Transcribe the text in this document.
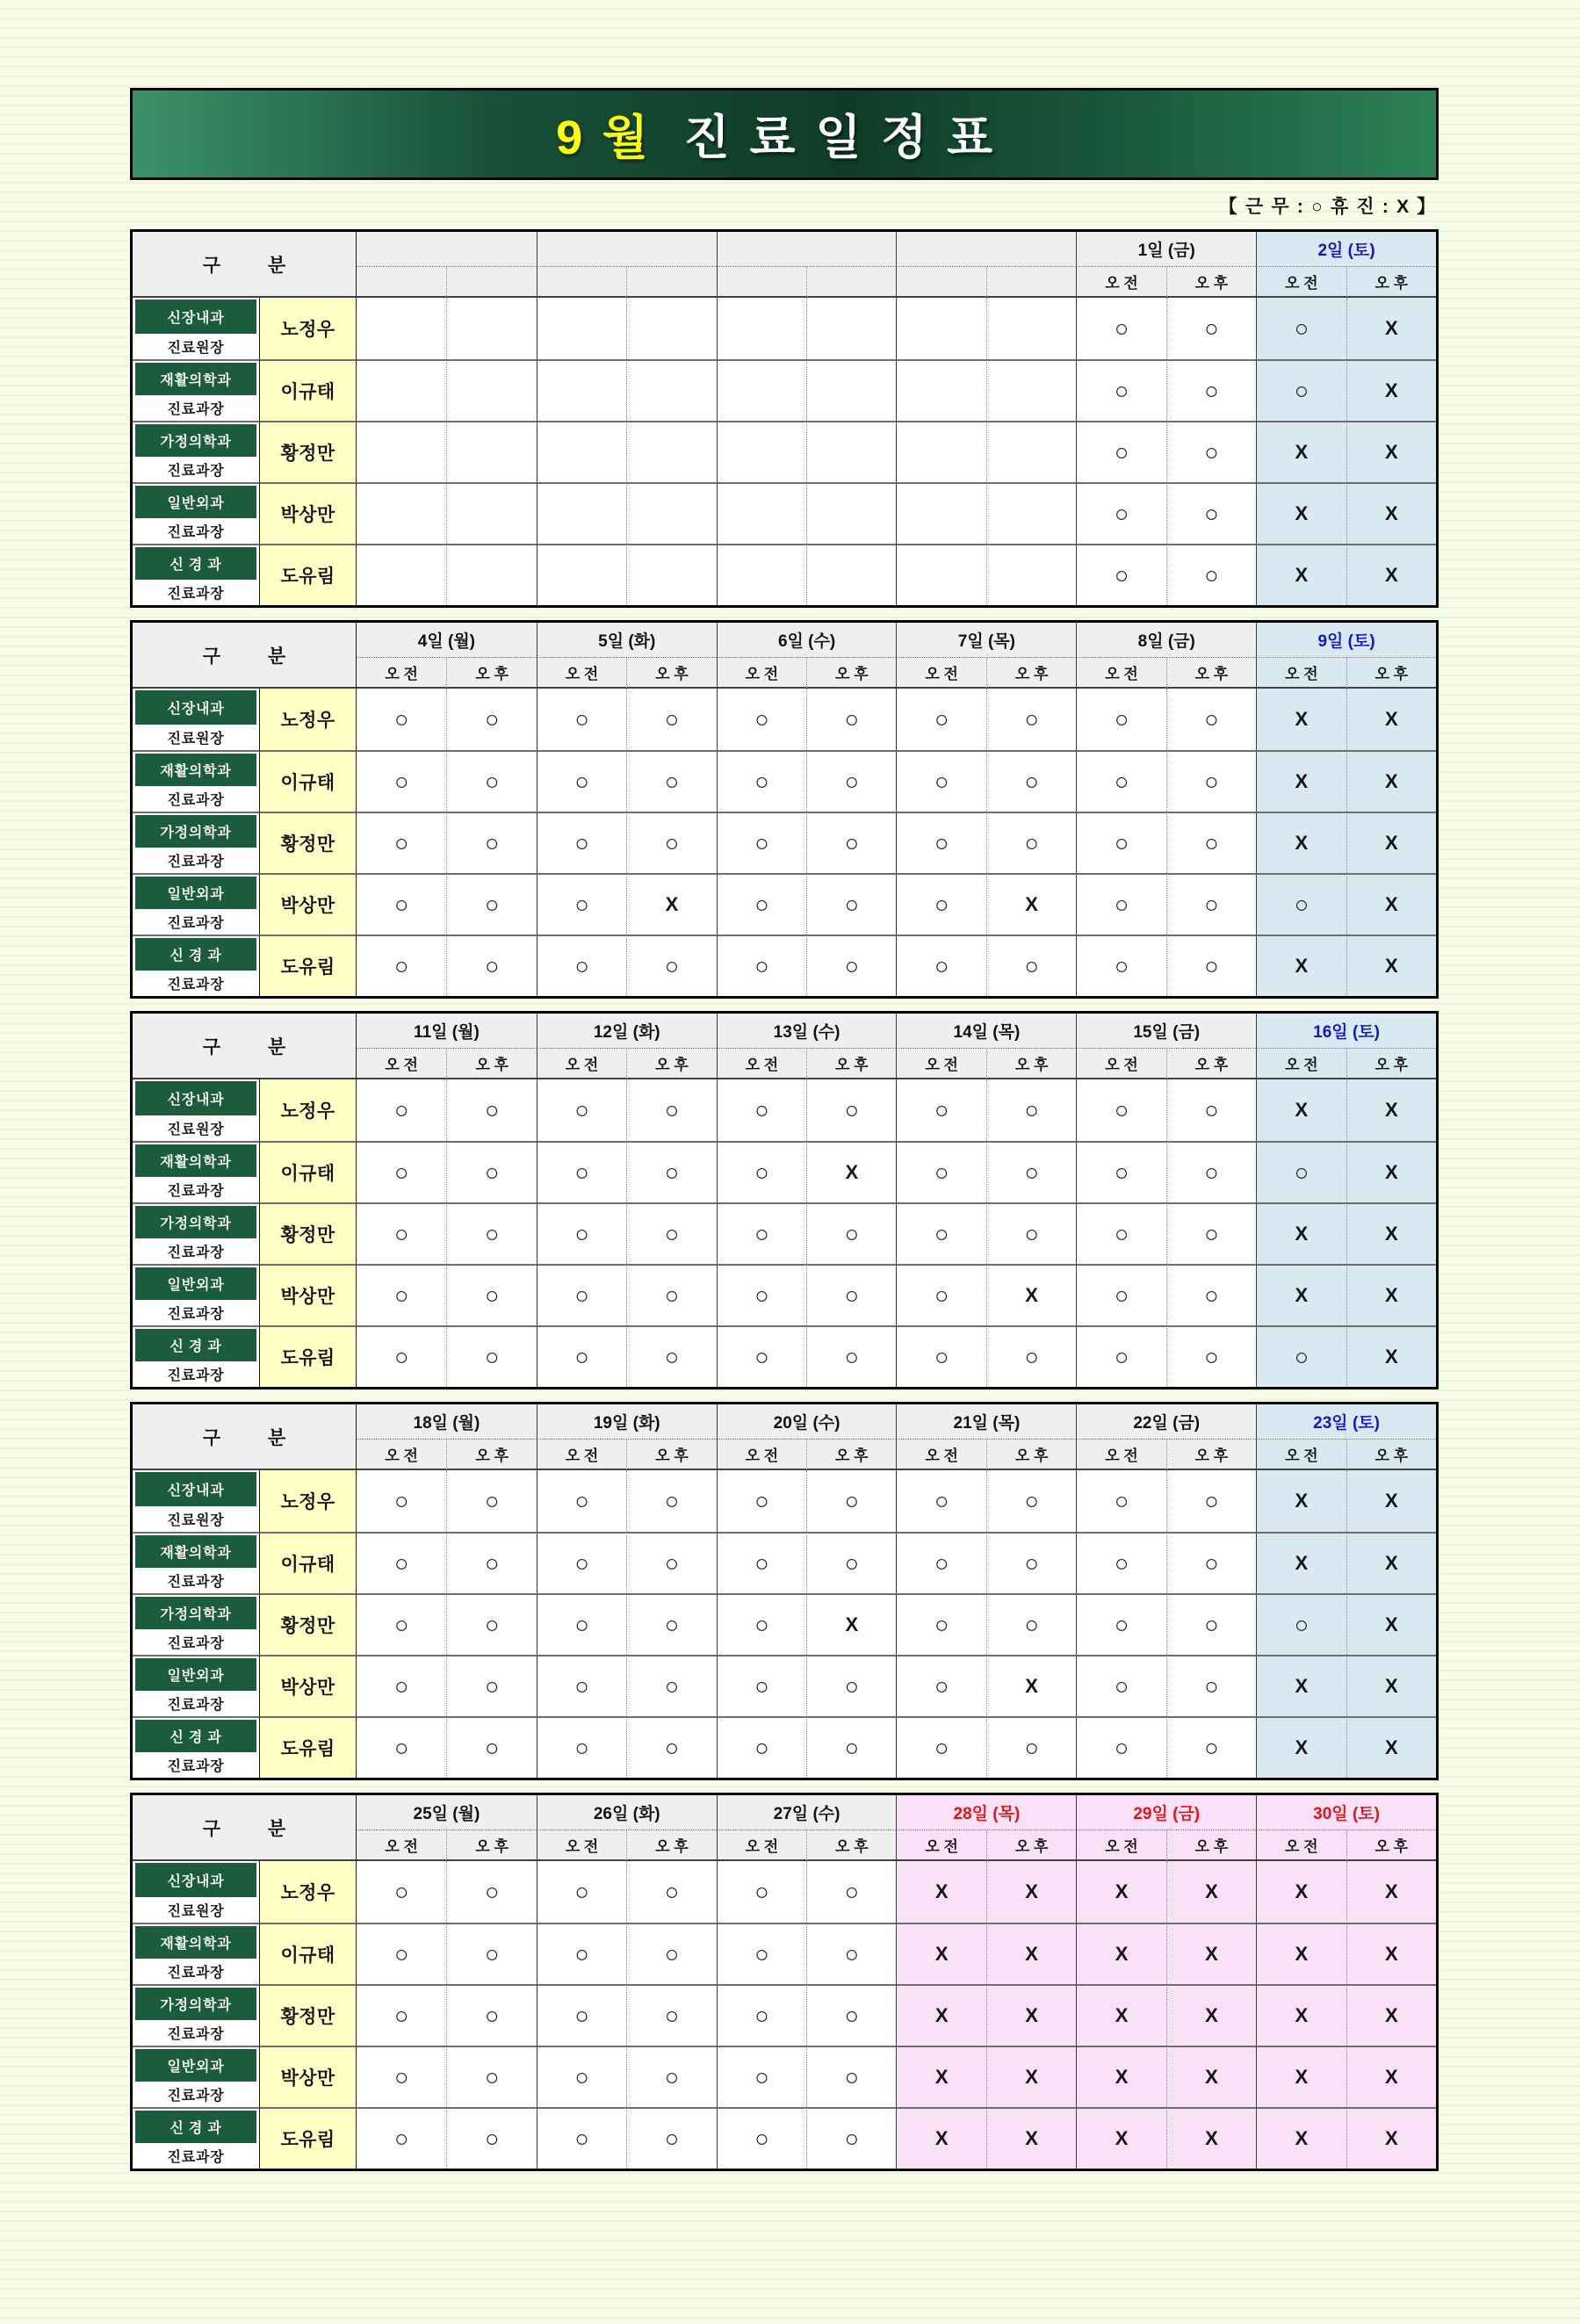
9월 진료일정표
【 근 무 : ○ 휴 진 : X 】
구 분
1일 (금)
오 전	오 후
2일 (토)
오 전	오 후
신장내과
진료원장
노정우	○	○	○	X
재활의학과
진료과장
이규태	○	○	○	X
가정의학과
진료과장
황정만	○	○	X	X
일반외과
진료과장
박상만	○	○	X	X
신 경 과
진료과장
도유림	○	○	X	X
구 분
4일 (월)
오 전	오 후
5일 (화)
오 전	오 후
6일 (수)
오 전	오 후
7일 (목)
오 전	오 후
8일 (금)
오 전	오 후
9일 (토)
오 전	오 후
신장내과
진료원장
노정우	○	○	○	○	○	○	○	○	○	○	X	X
재활의학과
진료과장
이규태	○	○	○	○	○	○	○	○	○	○	X	X
가정의학과
진료과장
황정만	○	○	○	○	○	○	○	○	○	○	X	X
일반외과
진료과장
박상만	○	○	○	X	○	○	○	X	○	○	○	X
신 경 과
진료과장
도유림	○	○	○	○	○	○	○	○	○	○	X	X
구 분
11일 (월)
오 전	오 후
12일 (화)
오 전	오 후
13일 (수)
오 전	오 후
14일 (목)
오 전	오 후
15일 (금)
오 전	오 후
16일 (토)
오 전	오 후
신장내과
진료원장
노정우	○	○	○	○	○	○	○	○	○	○	X	X
재활의학과
진료과장
이규태	○	○	○	○	○	X	○	○	○	○	○	X
가정의학과
진료과장
황정만	○	○	○	○	○	○	○	○	○	○	X	X
일반외과
진료과장
박상만	○	○	○	○	○	○	○	X	○	○	X	X
신 경 과
진료과장
도유림	○	○	○	○	○	○	○	○	○	○	○	X
구 분
18일 (월)
오 전	오 후
19일 (화)
오 전	오 후
20일 (수)
오 전	오 후
21일 (목)
오 전	오 후
22일 (금)
오 전	오 후
23일 (토)
오 전	오 후
신장내과
진료원장
노정우	○	○	○	○	○	○	○	○	○	○	X	X
재활의학과
진료과장
이규태	○	○	○	○	○	○	○	○	○	○	X	X
가정의학과
진료과장
황정만	○	○	○	○	○	X	○	○	○	○	○	X
일반외과
진료과장
박상만	○	○	○	○	○	○	○	X	○	○	X	X
신 경 과
진료과장
도유림	○	○	○	○	○	○	○	○	○	○	X	X
구 분
25일 (월)
오 전	오 후
26일 (화)
오 전	오 후
27일 (수)
오 전	오 후
28일 (목)
오 전	오 후
29일 (금)
오 전	오 후
30일 (토)
오 전	오 후
신장내과
진료원장
노정우	○	○	○	○	○	○	X	X	X	X	X	X
재활의학과
진료과장
이규태	○	○	○	○	○	○	X	X	X	X	X	X
가정의학과
진료과장
황정만	○	○	○	○	○	○	X	X	X	X	X	X
일반외과
진료과장
박상만	○	○	○	○	○	○	X	X	X	X	X	X
신 경 과
진료과장
도유림	○	○	○	○	○	○	X	X	X	X	X	X
